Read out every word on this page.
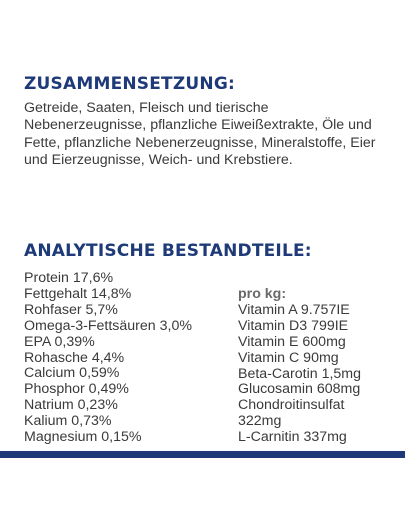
ZUSAMMENSETZUNG:

Getreide, Saaten, Fleisch und tierische Nebenerzeugnisse, pflanzliche Eiweißextrakte, Öle und Fette, pflanzliche Nebenerzeugnisse, Mineralstoffe, Eier und Eierzeugnisse, Weich- und Krebstiere.

ANALYTISCHE BESTANDTEILE:
Protein 17,6%
Fettgehalt 14,8%
Rohfaser 5,7%
Omega-3-Fettsäuren 3,0%
EPA 0,39%
Rohasche 4,4%
Calcium 0,59%
Phosphor 0,49%
Natrium 0,23%
Kalium 0,73%
Magnesium 0,15%
pro kg:
Vitamin A 9.757IE
Vitamin D3 799IE
Vitamin E 600mg
Vitamin C 90mg
Beta-Carotin 1,5mg
Glucosamin 608mg
Chondroitinsulfat
322mg
L-Carnitin 337mg
